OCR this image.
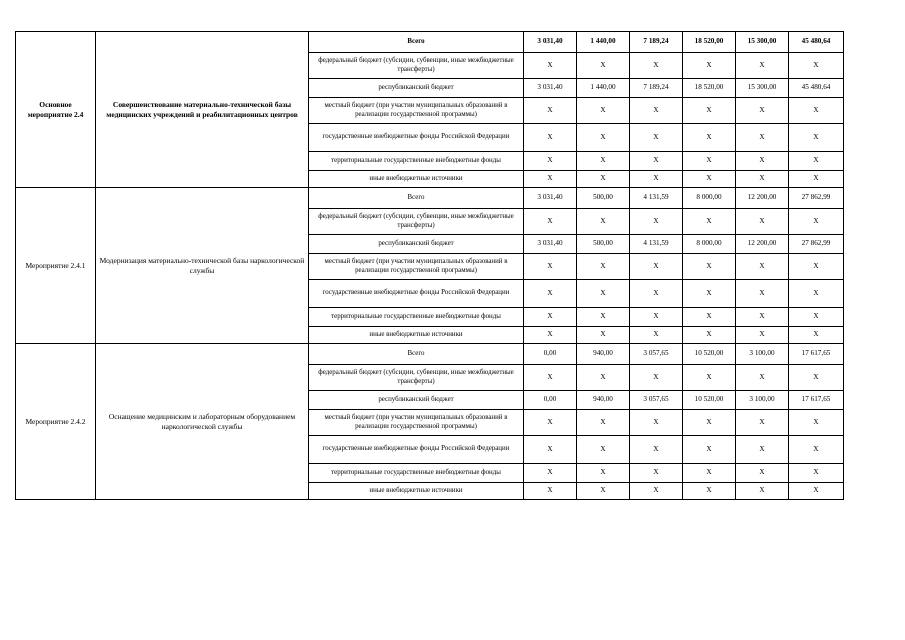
Основное мероприятие 2.4	Совершенствование материально-технической базы медицинских учреждений и реабилитационных центров	Всего	3 031,40	1 440,00	7 189,24	18 520,00	15 300,00	45 480,64
		федеральный бюджет (субсидии, субвенции, иные межбюджетные трансферты)	X	X	X	X	X	X
		республиканский бюджет	3 031,40	1 440,00	7 189,24	18 520,00	15 300,00	45 480,64
		местный бюджет (при участии муниципальных образований в реализации государственной программы)	X	X	X	X	X	X
		государственные внебюджетные фонды Российской Федерации	X	X	X	X	X	X
		территориальные государственные внебюджетные фонды	X	X	X	X	X	X
		иные внебюджетные источники	X	X	X	X	X	X
Мероприятие 2.4.1	Модернизация материально-технической базы наркологической службы	Всего	3 031,40	500,00	4 131,59	8 000,00	12 200,00	27 862,99
		федеральный бюджет (субсидии, субвенции, иные межбюджетные трансферты)	X	X	X	X	X	X
		республиканский бюджет	3 031,40	500,00	4 131,59	8 000,00	12 200,00	27 862,99
		местный бюджет (при участии муниципальных образований в реализации государственной программы)	X	X	X	X	X	X
		государственные внебюджетные фонды Российской Федерации	X	X	X	X	X	X
		территориальные государственные внебюджетные фонды	X	X	X	X	X	X
		иные внебюджетные источники	X	X	X	X	X	X
Мероприятие 2.4.2	Оснащение медицинским и лабораторным оборудованием наркологической службы	Всего	0,00	940,00	3 057,65	10 520,00	3 100,00	17 617,65
		федеральный бюджет (субсидии, субвенции, иные межбюджетные трансферты)	X	X	X	X	X	X
		республиканский бюджет	0,00	940,00	3 057,65	10 520,00	3 100,00	17 617,65
		местный бюджет (при участии муниципальных образований в реализации государственной программы)	X	X	X	X	X	X
		государственные внебюджетные фонды Российской Федерации	X	X	X	X	X	X
		территориальные государственные внебюджетные фонды	X	X	X	X	X	X
		иные внебюджетные источники	X	X	X	X	X	X
